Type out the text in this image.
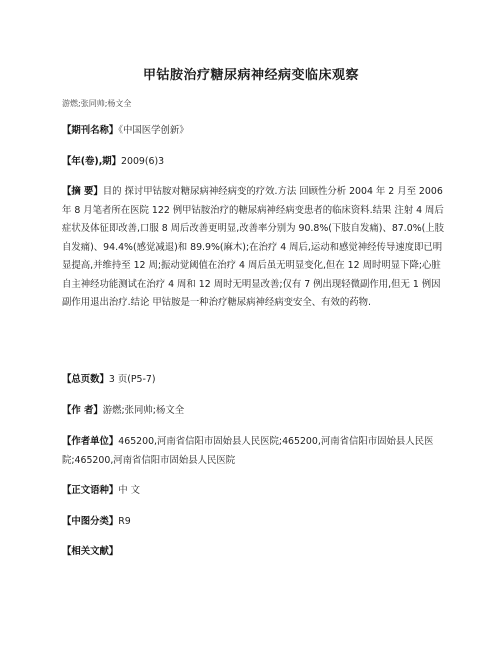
甲钴胺治疗糖尿病神经病变临床观察
游燃;张同帅;杨文全
【期刊名称】《中国医学创新》
【年(卷),期】2009(6)3
【摘 要】目的 探讨甲钴胺对糖尿病神经病变的疗效.方法 回顾性分析 2004 年 2 月至 2006 年 8 月笔者所在医院 122 例甲钴胺治疗的糖尿病神经病变患者的临床资料.结果 注射 4 周后症状及体征即改善,口服 8 周后改善更明显,改善率分别为 90.8%(下肢自发痛)、87.0%(上肢自发痛)、94.4%(感觉减退)和 89.9%(麻木);在治疗 4 周后,运动和感觉神经传导速度即已明显提高,并维持至 12 周;振动觉阈值在治疗 4 周后虽无明显变化,但在 12 周时明显下降;心脏自主神经功能测试在治疗 4 周和 12 周时无明显改善;仅有 7 例出现轻微副作用,但无 1 例因副作用退出治疗.结论 甲钴胺是一种治疗糖尿病神经病变安全、有效的药物.
【总页数】3 页(P5-7)
【作 者】游燃;张同帅;杨文全
【作者单位】465200,河南省信阳市固始县人民医院;465200,河南省信阳市固始县人民医院;465200,河南省信阳市固始县人民医院
【正文语种】中 文
【中图分类】R9
【相关文献】
